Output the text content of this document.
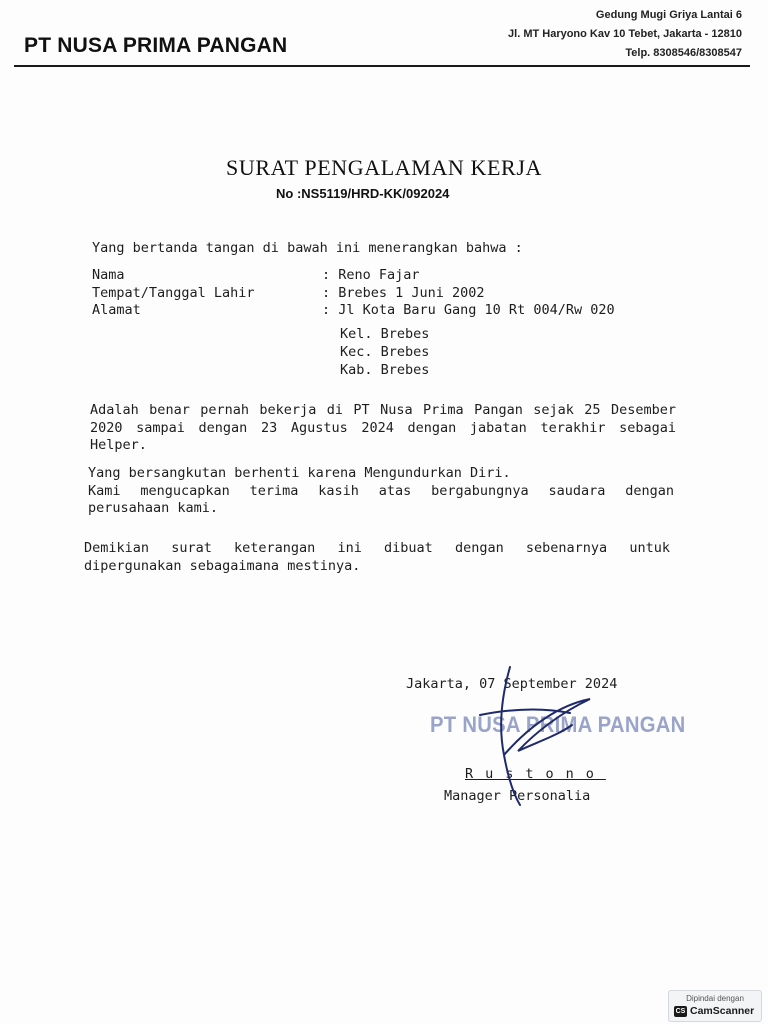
PT NUSA PRIMA PANGAN
Gedung Mugi Griya Lantai 6
Jl. MT Haryono Kav 10 Tebet, Jakarta - 12810
Telp. 8308546/8308547
SURAT PENGALAMAN KERJA
No :NS5119/HRD-KK/092024
Yang bertanda tangan di bawah ini menerangkan bahwa :
Nama	: Reno Fajar
Tempat/Tanggal Lahir	: Brebes 1 Juni 2002
Alamat	: Jl Kota Baru Gang 10 Rt 004/Rw 020
Kel. Brebes
Kec. Brebes
Kab. Brebes
Adalah benar pernah bekerja di PT Nusa Prima Pangan sejak 25 Desember 2020 sampai dengan 23 Agustus 2024 dengan jabatan terakhir sebagai Helper.
Yang bersangkutan berhenti karena Mengundurkan Diri.
Kami mengucapkan terima kasih atas bergabungnya saudara dengan perusahaan kami.
Demikian surat keterangan ini dibuat dengan sebenarnya untuk dipergunakan sebagaimana mestinya.
Jakarta, 07 September 2024
PT NUSA PRIMA PANGAN
Rustono
Manager Personalia
Dipindai dengan
CS CamScanner
